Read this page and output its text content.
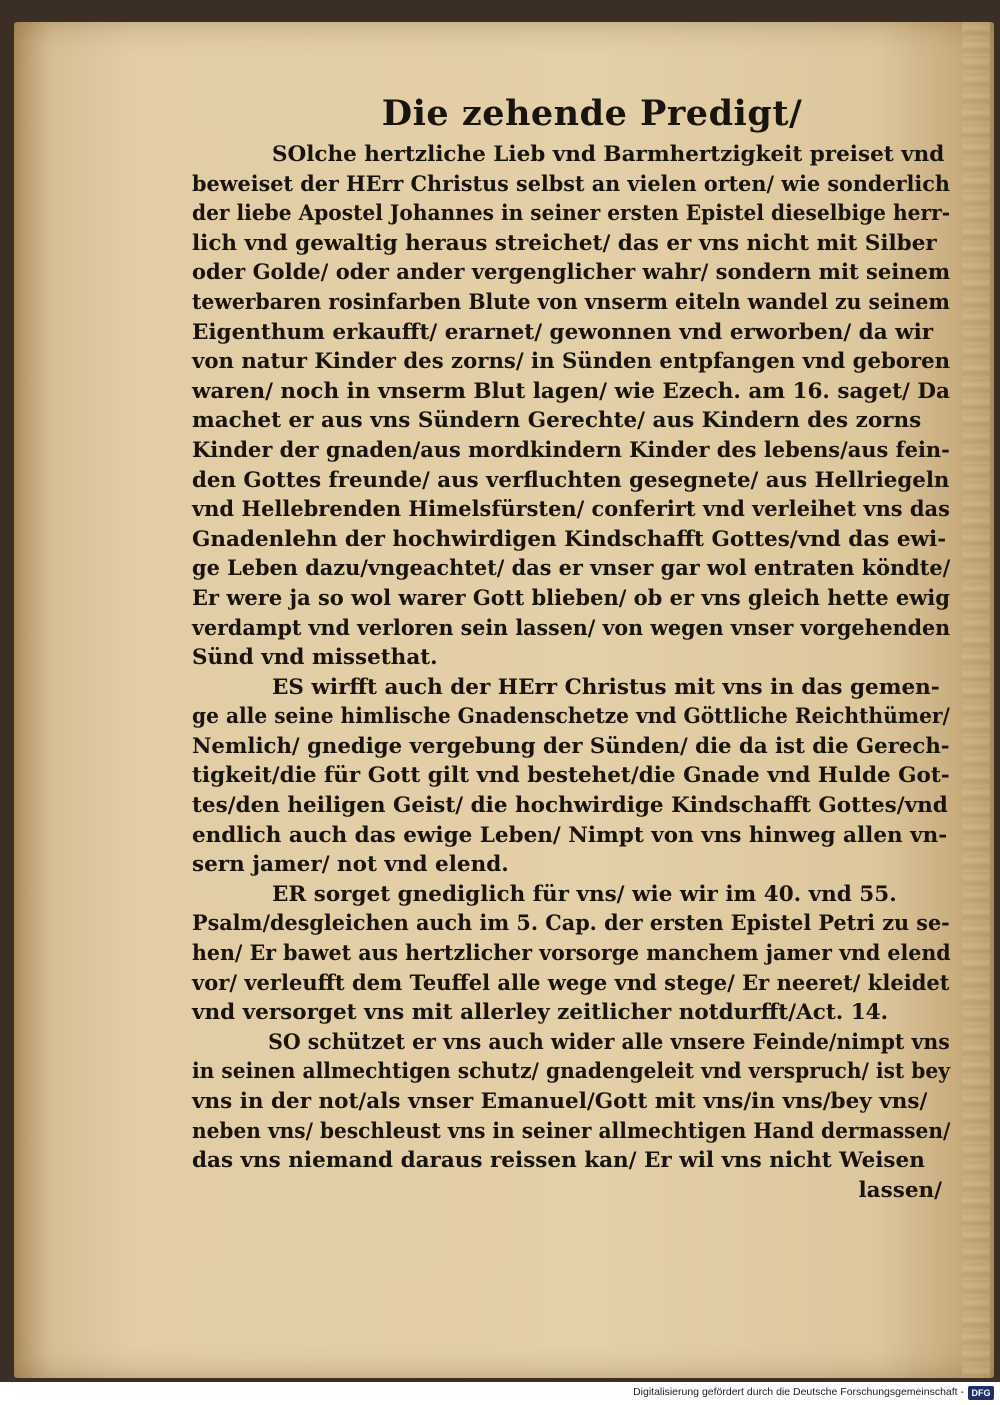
Die zehende Predigt/
SOlche hertzliche Lieb vnd Barmhertzigkeit preiset vnd
beweiset der HErr Christus selbst an vielen orten/ wie sonderlich
der liebe Apostel Johannes in seiner ersten Epistel dieselbige herr-
lich vnd gewaltig heraus streichet/ das er vns nicht mit Silber
oder Golde/ oder ander vergenglicher wahr/ sondern mit seinem
tewerbaren rosinfarben Blute von vnserm eiteln wandel zu seinem
Eigenthum erkaufft/ erarnet/ gewonnen vnd erworben/ da wir
von natur Kinder des zorns/ in Sünden entpfangen vnd geboren
waren/ noch in vnserm Blut lagen/ wie Ezech. am 16. saget/ Da
machet er aus vns Sündern Gerechte/ aus Kindern des zorns
Kinder der gnaden/aus mordkindern Kinder des lebens/aus fein-
den Gottes freunde/ aus verfluchten gesegnete/ aus Hellriegeln
vnd Hellebrenden Himelsfürsten/ conferirt vnd verleihet vns das
Gnadenlehn der hochwirdigen Kindschafft Gottes/vnd das ewi-
ge Leben dazu/vngeachtet/ das er vnser gar wol entraten köndte/
Er were ja so wol warer Gott blieben/ ob er vns gleich hette ewig
verdampt vnd verloren sein lassen/ von wegen vnser vorgehenden
Sünd vnd missethat.
ES wirfft auch der HErr Christus mit vns in das gemen-
ge alle seine himlische Gnadenschetze vnd Göttliche Reichthümer/
Nemlich/ gnedige vergebung der Sünden/ die da ist die Gerech-
tigkeit/die für Gott gilt vnd bestehet/die Gnade vnd Hulde Got-
tes/den heiligen Geist/ die hochwirdige Kindschafft Gottes/vnd
endlich auch das ewige Leben/ Nimpt von vns hinweg allen vn-
sern jamer/ not vnd elend.
ER sorget gnediglich für vns/ wie wir im 40. vnd 55.
Psalm/desgleichen auch im 5. Cap. der ersten Epistel Petri zu se-
hen/ Er bawet aus hertzlicher vorsorge manchem jamer vnd elend
vor/ verleufft dem Teuffel alle wege vnd stege/ Er neeret/ kleidet
vnd versorget vns mit allerley zeitlicher notdurfft/Act. 14.
SO schützet er vns auch wider alle vnsere Feinde/nimpt vns
in seinen allmechtigen schutz/ gnadengeleit vnd verspruch/ ist bey
vns in der not/als vnser Emanuel/Gott mit vns/in vns/bey vns/
neben vns/ beschleust vns in seiner allmechtigen Hand dermassen/
das vns niemand daraus reissen kan/ Er wil vns nicht Weisen
lassen/
Digitalisierung gefördert durch die Deutsche Forschungsgemeinschaft - DFG
